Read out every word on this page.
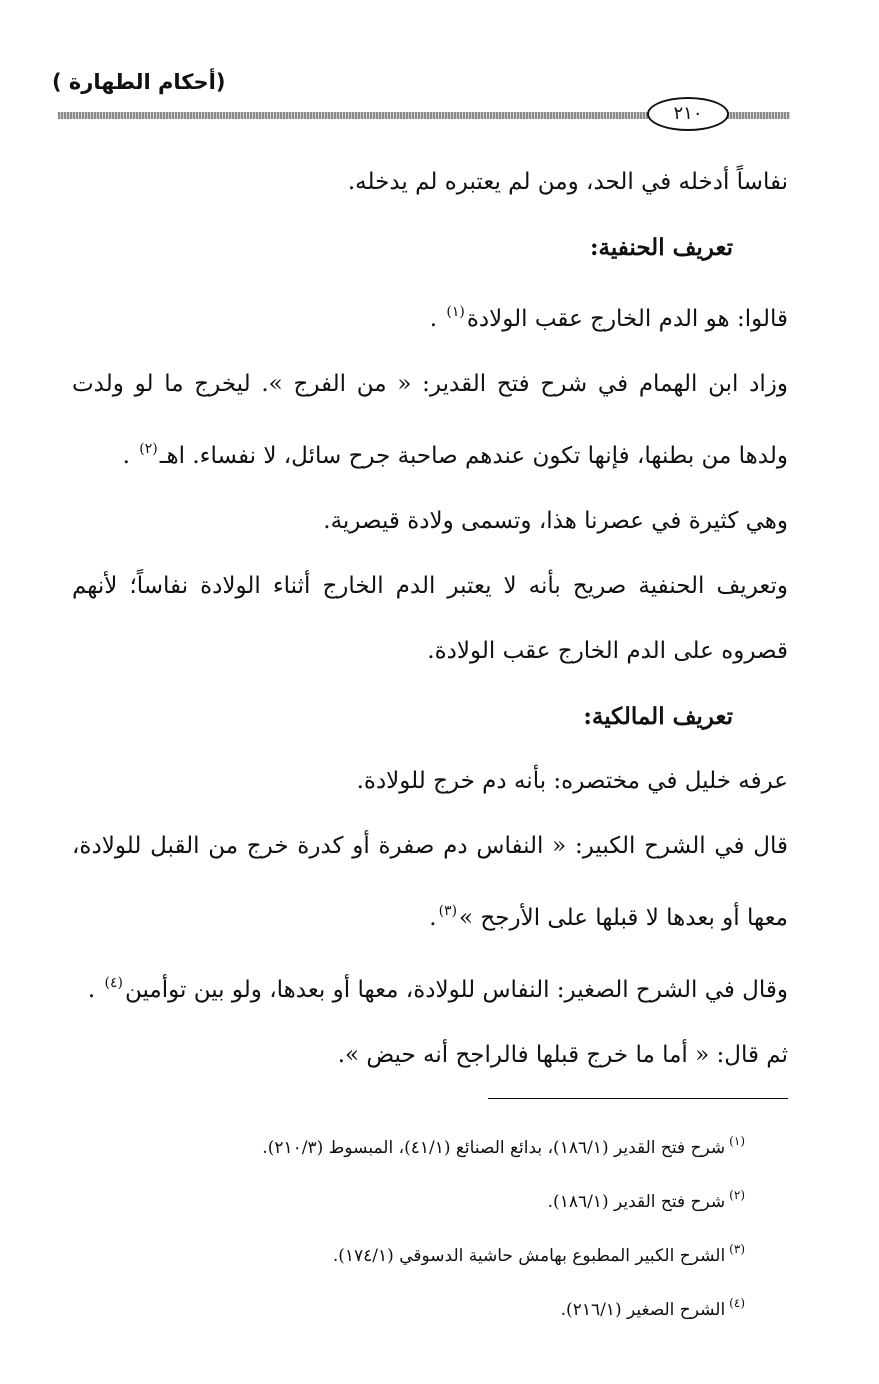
(أحكام الطهارة )
٢١٠

نفاساً أدخله في الحد، ومن لم يعتبره لم يدخله.

تعريف الحنفية:

قالوا: هو الدم الخارج عقب الولادة$^{(١)}$ .

وزاد ابن الهمام في شرح فتح القدير: « من الفرج ». ليخرج ما لو ولدت ولدها من بطنها، فإنها تكون عندهم صاحبة جرح سائل، لا نفساء. اهـ$^{(٢)}$ .

وهي كثيرة في عصرنا هذا، وتسمى ولادة قيصرية.

وتعريف الحنفية صريح بأنه لا يعتبر الدم الخارج أثناء الولادة نفاساً؛ لأنهم قصروه على الدم الخارج عقب الولادة.

تعريف المالكية:

عرفه خليل في مختصره: بأنه دم خرج للولادة.

قال في الشرح الكبير: « النفاس دم صفرة أو كدرة خرج من القبل للولادة، معها أو بعدها لا قبلها على الأرجح »$^{(٣)}$.

وقال في الشرح الصغير: النفاس للولادة، معها أو بعدها، ولو بين توأمين$^{(٤)}$ .

ثم قال: « أما ما خرج قبلها فالراجح أنه حيض ».

$^{(١)}$شرح فتح القدير (١٨٦/١)، بدائع الصنائع (٤١/١)، المبسوط (٢١٠/٣).

$^{(٢)}$شرح فتح القدير (١٨٦/١).

$^{(٣)}$الشرح الكبير المطبوع بهامش حاشية الدسوقي (١٧٤/١).

$^{(٤)}$الشرح الصغير (٢١٦/١).
